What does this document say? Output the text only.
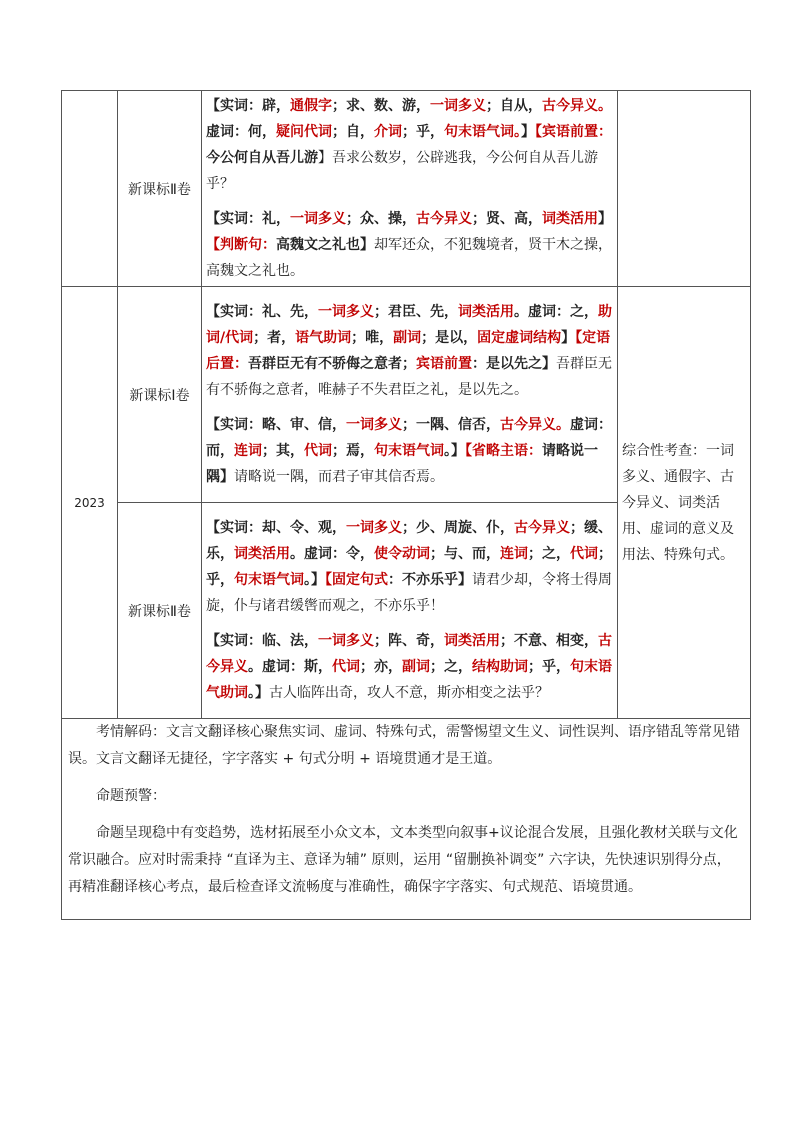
	新课标Ⅱ卷	【实词：辟，通假字；求、数、游，一词多义；自从，古今异义。虚词：何，疑问代词；自，介词；乎，句末语气词。】【宾语前置：今公何自从吾儿游】吾求公数岁，公辟逃我，今公何自从吾儿游乎？

【实词：礼，一词多义；众、操，古今异义；贤、高，词类活用】【判断句：高魏文之礼也】却军还众，不犯魏境者，贤干木之操，高魏文之礼也。	

2023	新课标Ⅰ卷	【实词：礼、先，一词多义；君臣、先，词类活用。虚词：之，助词/代词；者，语气助词；唯，副词；是以，固定虚词结构】【定语后置：吾群臣无有不骄侮之意者；宾语前置：是以先之】吾群臣无有不骄侮之意者，唯赫子不失君臣之礼，是以先之。

【实词：略、审、信，一词多义；一隅、信否，古今异义。虚词：而，连词；其，代词；焉，句末语气词。】【省略主语：请略说一隅】请略说一隅，而君子审其信否焉。	综合性考查：一词多义、通假字、古今异义、词类活用、虚词的意义及用法、特殊句式。
	新课标Ⅱ卷	【实词：却、令、观，一词多义；少、周旋、仆，古今异义；缓、乐，词类活用。虚词：令，使令动词；与、而，连词；之，代词；乎，句末语气词。】【固定句式：不亦乐乎】请君少却，令将士得周旋，仆与诸君缓辔而观之，不亦乐乎！

【实词：临、法，一词多义；阵、奇，词类活用；不意、相变，古今异义。虚词：斯，代词；亦，副词；之，结构助词；乎，句末语气助词。】古人临阵出奇，攻人不意，斯亦相变之法乎？	

考情解码：文言文翻译核心聚焦实词、虚词、特殊句式，需警惕望文生义、词性误判、语序错乱等常见错误。文言文翻译无捷径，字字落实 + 句式分明 + 语境贯通才是王道。

命题预警：

命题呈现稳中有变趋势，选材拓展至小众文本，文本类型向叙事+议论混合发展，且强化教材关联与文化常识融合。应对时需秉持 “直译为主、意译为辅” 原则，运用 “留删换补调变” 六字诀，先快速识别得分点，再精准翻译核心考点，最后检查译文流畅度与准确性，确保字字落实、句式规范、语境贯通。			
